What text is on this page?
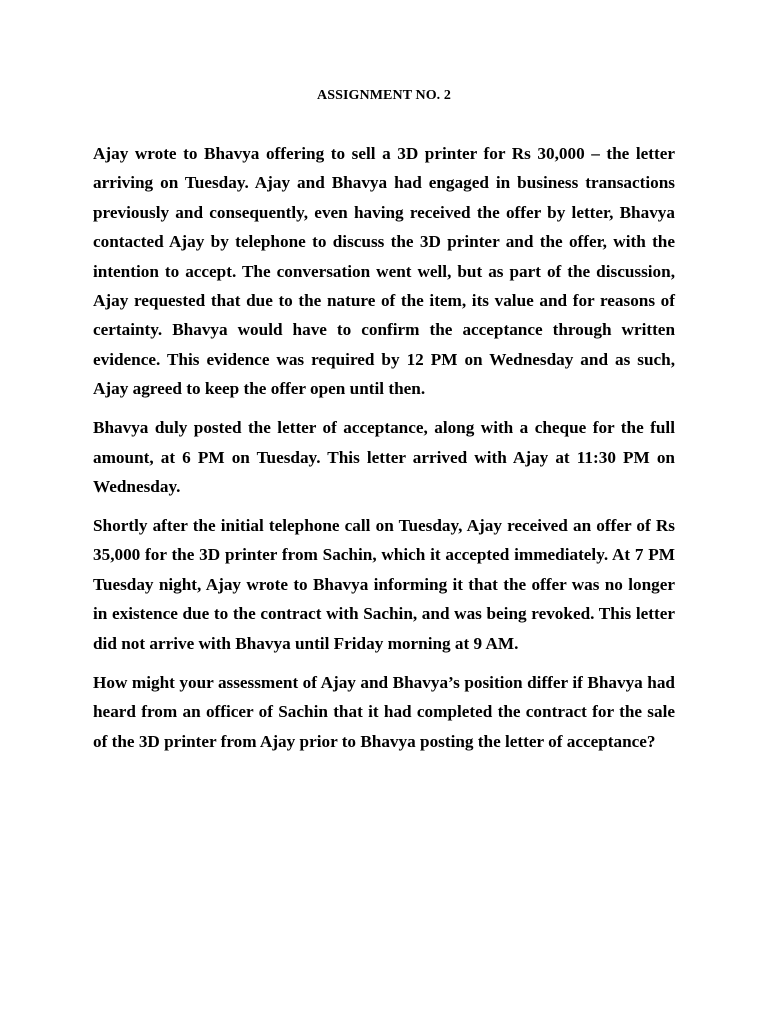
ASSIGNMENT NO. 2

Ajay wrote to Bhavya offering to sell a 3D printer for Rs 30,000 – the letter arriving on Tuesday. Ajay and Bhavya had engaged in business transactions previously and consequently, even having received the offer by letter, Bhavya contacted Ajay by telephone to discuss the 3D printer and the offer, with the intention to accept. The conversation went well, but as part of the discussion, Ajay requested that due to the nature of the item, its value and for reasons of certainty. Bhavya would have to confirm the acceptance through written evidence. This evidence was required by 12 PM on Wednesday and as such, Ajay agreed to keep the offer open until then.

Bhavya duly posted the letter of acceptance, along with a cheque for the full amount, at 6 PM on Tuesday. This letter arrived with Ajay at 11:30 PM on Wednesday.

Shortly after the initial telephone call on Tuesday, Ajay received an offer of Rs 35,000 for the 3D printer from Sachin, which it accepted immediately. At 7 PM Tuesday night, Ajay wrote to Bhavya informing it that the offer was no longer in existence due to the contract with Sachin, and was being revoked. This letter did not arrive with Bhavya until Friday morning at 9 AM.

How might your assessment of Ajay and Bhavya’s position differ if Bhavya had heard from an officer of Sachin that it had completed the contract for the sale of the 3D printer from Ajay prior to Bhavya posting the letter of acceptance?
